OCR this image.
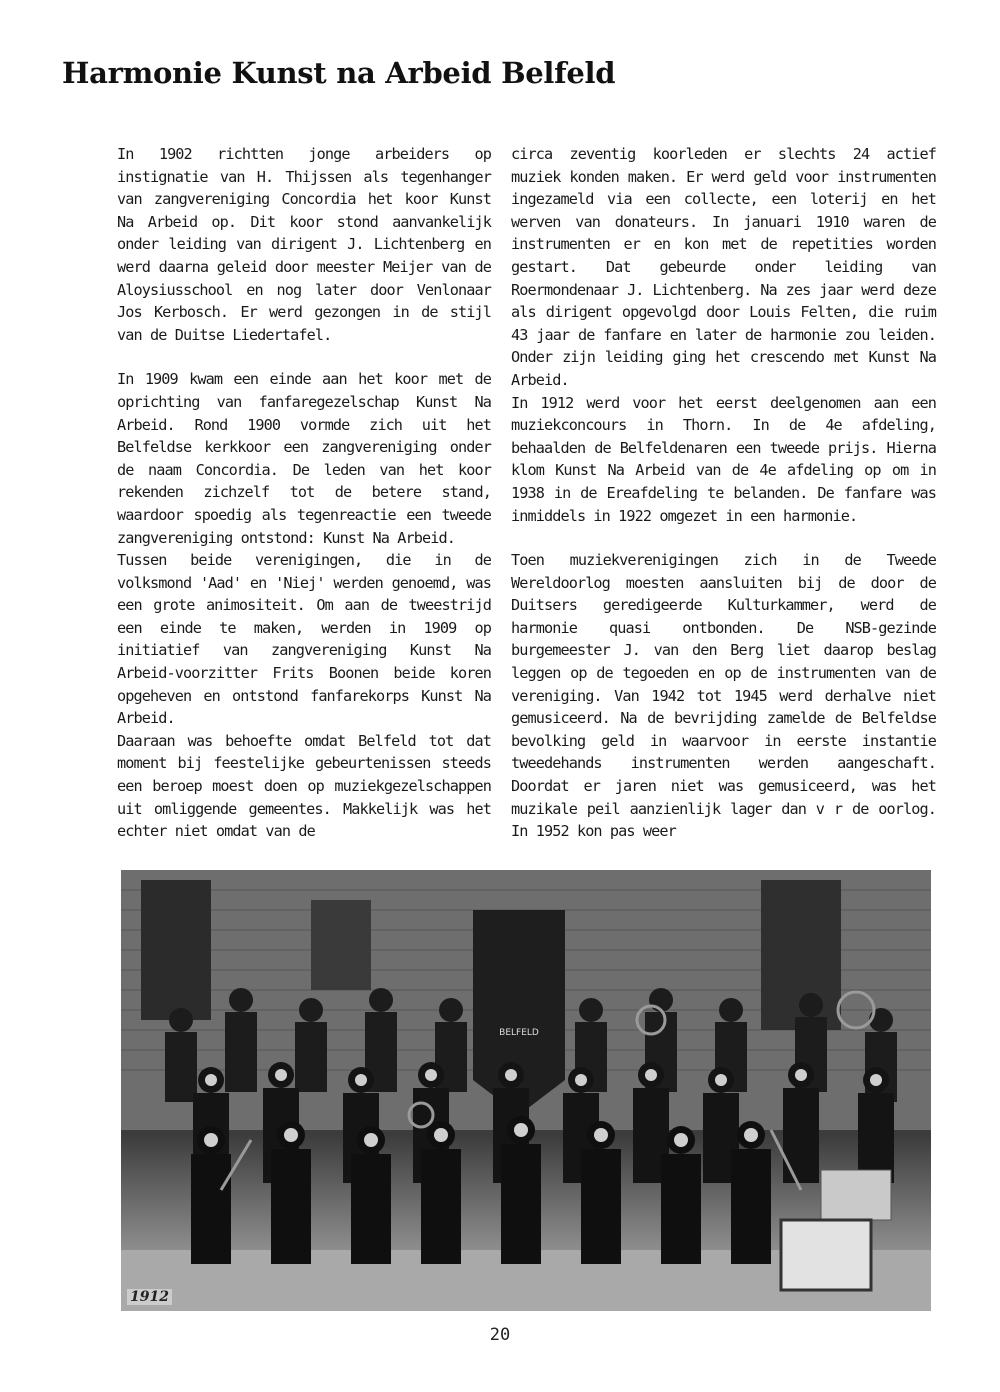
Harmonie Kunst na Arbeid Belfeld

In 1902 richtten jonge arbeiders op instignatie van H. Thijssen als tegenhanger van zangvereniging Concordia het koor Kunst Na Arbeid op. Dit koor stond aanvankelijk onder leiding van dirigent J. Lichtenberg en werd daarna geleid door meester Meijer van de Aloysiusschool en nog later door Venlonaar Jos Kerbosch. Er werd gezongen in de stijl van de Duitse Liedertafel.

In 1909 kwam een einde aan het koor met de oprichting van fanfaregezelschap Kunst Na Arbeid. Rond 1900 vormde zich uit het Belfeldse kerkkoor een zangvereniging onder de naam Concordia. De leden van het koor rekenden zichzelf tot de betere stand, waardoor spoedig als tegenreactie een tweede zangvereniging ontstond: Kunst Na Arbeid.

Tussen beide verenigingen, die in de volksmond 'Aad' en 'Niej' werden genoemd, was een grote animositeit. Om aan de tweestrijd een einde te maken, werden in 1909 op initiatief van zangvereniging Kunst Na Arbeid-voorzitter Frits Boonen beide koren opgeheven en ontstond fanfarekorps Kunst Na Arbeid.

Daaraan was behoefte omdat Belfeld tot dat moment bij feestelijke gebeurtenissen steeds een beroep moest doen op muziekgezelschappen uit omliggende gemeentes. Makkelijk was het echter niet omdat van de

circa zeventig koorleden er slechts 24 actief muziek konden maken. Er werd geld voor instrumenten ingezameld via een collecte, een loterij en het werven van donateurs. In januari 1910 waren de instrumenten er en kon met de repetities worden gestart. Dat gebeurde onder leiding van Roermondenaar J. Lichtenberg. Na zes jaar werd deze als dirigent opgevolgd door Louis Felten, die ruim 43 jaar de fanfare en later de harmonie zou leiden. Onder zijn leiding ging het crescendo met Kunst Na Arbeid.

In 1912 werd voor het eerst deelgenomen aan een muziekconcours in Thorn. In de 4e afdeling, behaalden de Belfeldenaren een tweede prijs. Hierna klom Kunst Na Arbeid van de 4e afdeling op om in 1938 in de Ereafdeling te belanden. De fanfare was inmiddels in 1922 omgezet in een harmonie.

Toen muziekverenigingen zich in de Tweede Wereldoorlog moesten aansluiten bij de door de Duitsers geredigeerde Kulturkammer, werd de harmonie quasi ontbonden. De NSB-gezinde burgemeester J. van den Berg liet daarop beslag leggen op de tegoeden en op de instrumenten van de vereniging. Van 1942 tot 1945 werd derhalve niet gemusiceerd. Na de bevrijding zamelde de Belfeldse bevolking geld in waarvoor in eerste instantie tweedehands instrumenten werden aangeschaft. Doordat er jaren niet was gemusiceerd, was het muzikale peil aanzienlijk lager dan v r de oorlog. In 1952 kon pas weer

BELFELD
1912
20
